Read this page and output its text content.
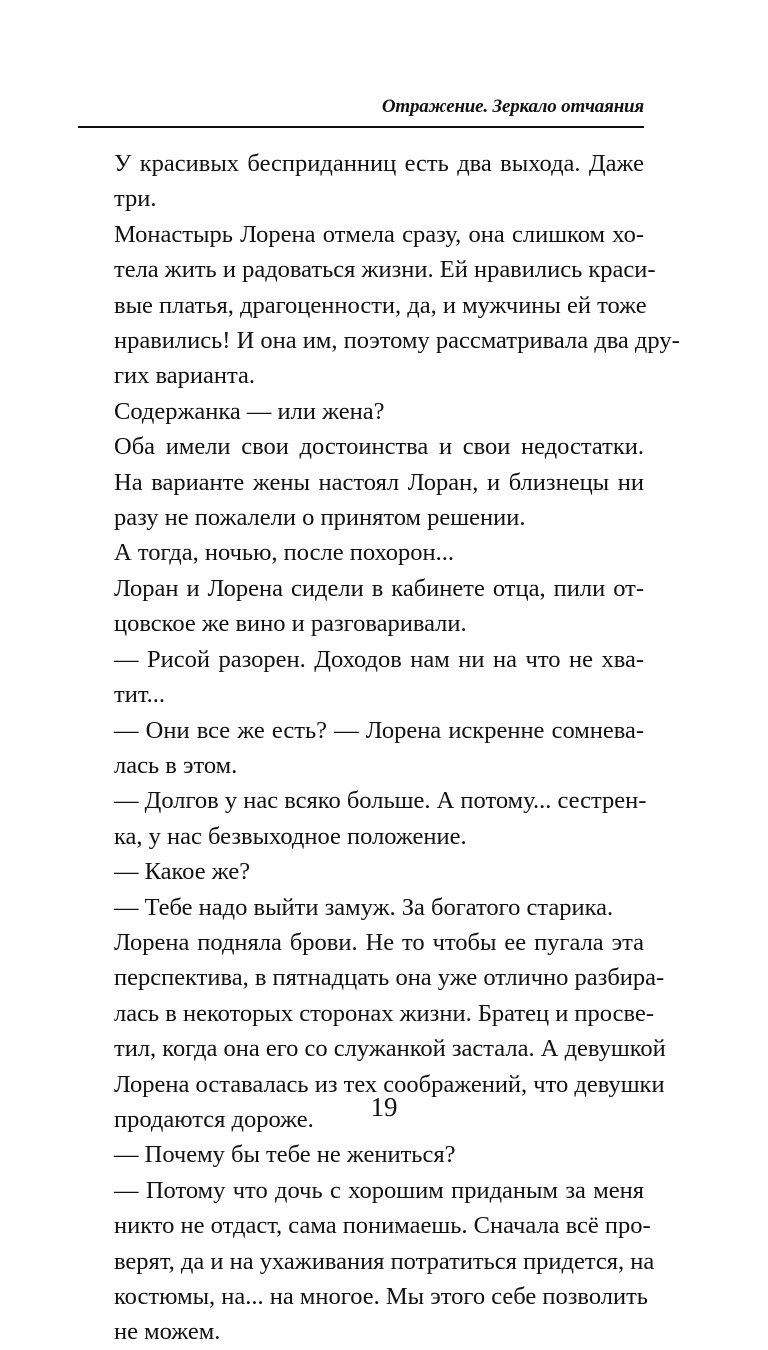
Отражение. Зеркало отчаяния

У красивых бесприданниц есть два выхода. Даже
три.

Монастырь Лорена отмела сразу, она слишком хо-
тела жить и радоваться жизни. Ей нравились краси-
вые платья, драгоценности, да, и мужчины ей тоже
нравились! И она им, поэтому рассматривала два дру-
гих варианта.

Содержанка — или жена?

Оба имели свои достоинства и свои недостатки.
На варианте жены настоял Лоран, и близнецы ни
разу не пожалели о принятом решении.

А тогда, ночью, после похорон...

Лоран и Лорена сидели в кабинете отца, пили от-
цовское же вино и разговаривали.

— Рисой разорен. Доходов нам ни на что не хва-
тит...

— Они все же есть? — Лорена искренне сомнева-
лась в этом.

— Долгов у нас всяко больше. А потому... сестрен-
ка, у нас безвыходное положение.

— Какое же?

— Тебе надо выйти замуж. За богатого старика.

Лорена подняла брови. Не то чтобы ее пугала эта
перспектива, в пятнадцать она уже отлично разбира-
лась в некоторых сторонах жизни. Братец и просве-
тил, когда она его со служанкой застала. А девушкой
Лорена оставалась из тех соображений, что девушки
продаются дороже.

— Почему бы тебе не жениться?

— Потому что дочь с хорошим приданым за меня
никто не отдаст, сама понимаешь. Сначала всё про-
верят, да и на ухаживания потратиться придется, на
костюмы, на... на многое. Мы этого себе позволить
не можем.

19
